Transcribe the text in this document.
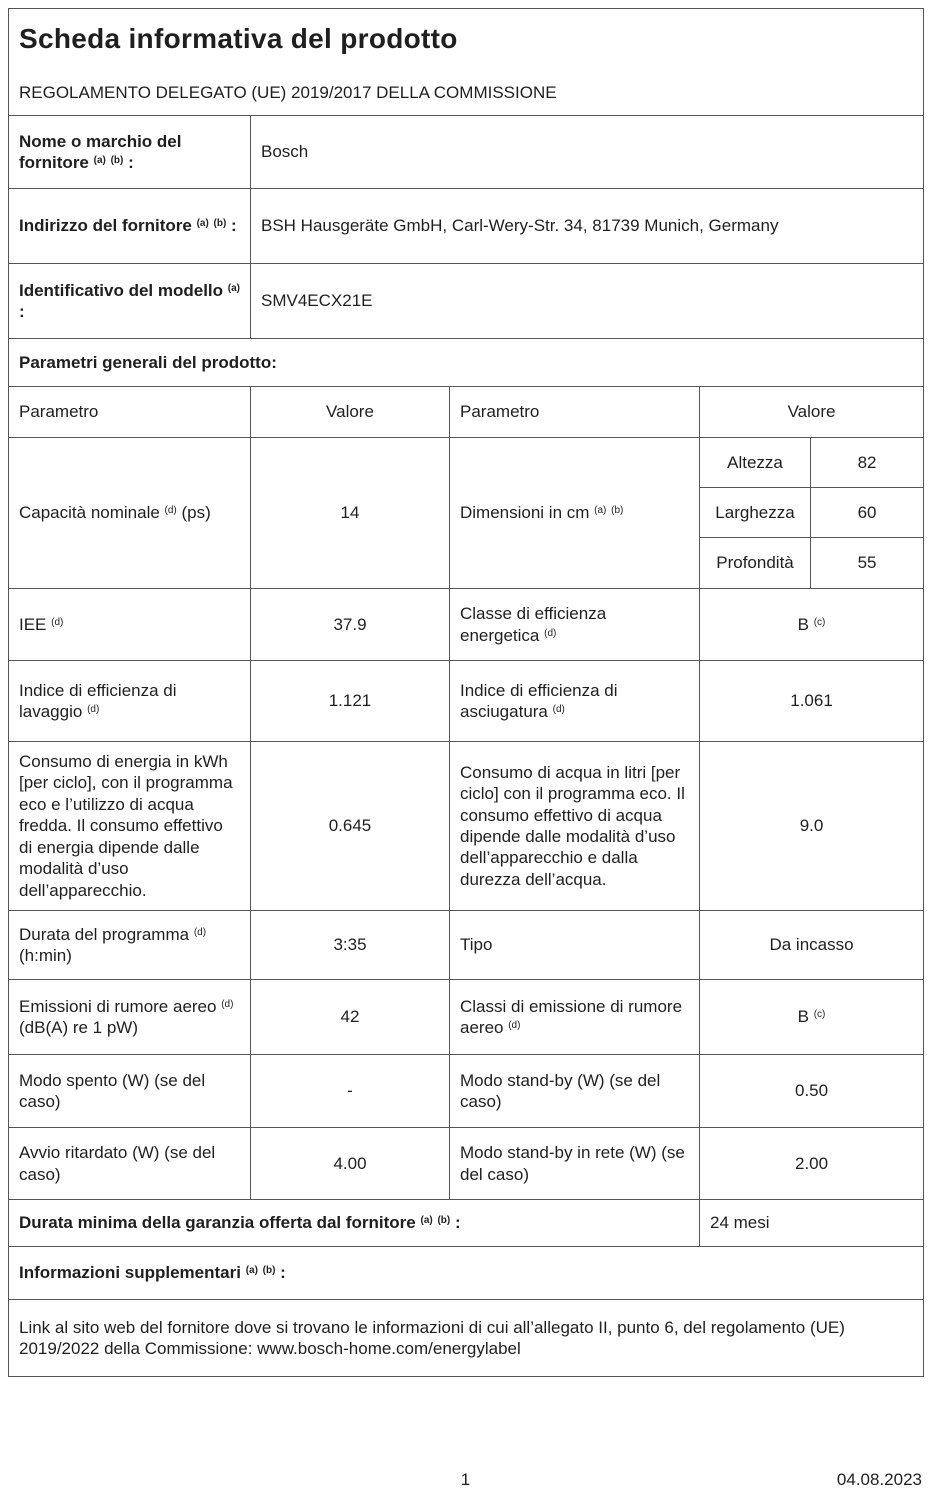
Scheda informativa del prodotto
REGOLAMENTO DELEGATO (UE) 2019/2017 DELLA COMMISSIONE

Nome o marchio del fornitore $^{(a)}$ $^{(b)}$ :	Bosch			
Indirizzo del fornitore $^{(a)}$ $^{(b)}$ :	BSH Hausgeräte GmbH, Carl-Wery-Str. 34, 81739 Munich, Germany			
Identificativo del modello $^{(a)}$ :	SMV4ECX21E			
Parametri generali del prodotto:				
Parametro	Valore	Parametro	Valore	
Capacità nominale $^{(d)}$ (ps)	14	Dimensioni in cm $^{(a)}$ $^{(b)}$	Altezza	82
			Larghezza	60
			Profondità	55
IEE $^{(d)}$	37.9	Classe di efficienza energetica $^{(d)}$	B $^{(c)}$
Indice di efficienza di lavaggio $^{(d)}$	1.121	Indice di efficienza di asciugatura $^{(d)}$	1.061	
Consumo di energia in kWh [per ciclo], con il programma eco e l’utilizzo di acqua fredda. Il consumo effettivo di energia dipende dalle modalità d’uso dell’apparecchio.	0.645	Consumo di acqua in litri [per ciclo] con il programma eco. Il consumo effettivo di acqua dipende dalle modalità d’uso dell’apparecchio e dalla durezza dell’acqua.	9.0	
Durata del programma $^{(d)}$ (h:min)	3:35	Tipo	Da incasso	
Emissioni di rumore aereo $^{(d)}$ (dB(A) re 1 pW)	42	Classi di emissione di rumore aereo $^{(d)}$	B $^{(c)}$
Modo spento (W) (se del caso)	-	Modo stand-by (W) (se del caso)	0.50	
Avvio ritardato (W) (se del caso)	4.00	Modo stand-by in rete (W) (se del caso)	2.00	
Durata minima della garanzia offerta dal fornitore $^{(a)}$ $^{(b)}$ :			24 mesi	
Informazioni supplementari $^{(a)}$ $^{(b)}$ :				
Link al sito web del fornitore dove si trovano le informazioni di cui all’allegato II, punto 6, del regolamento (UE) 2019/2022 della Commissione: www.bosch-home.com/energylabel				
1	04.08.2023
